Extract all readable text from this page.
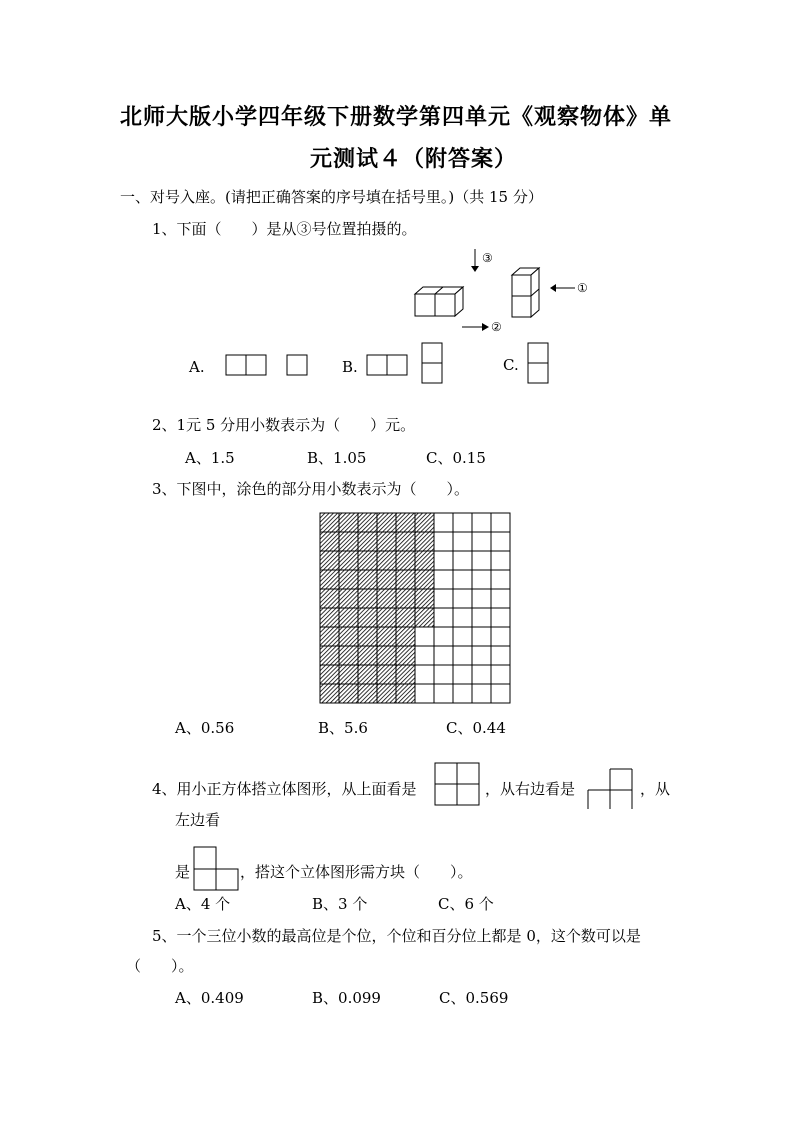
北师大版小学四年级下册数学第四单元《观察物体》单
元测试４（附答案）
一、对号入座。(请把正确答案的序号填在括号里。)（共 15 分）
1、下面（　　）是从③号位置拍摄的。
③
①
②
A.	B.	C.
2、1元 5 分用小数表示为（　　）元。
A、1.5	B、1.05	C、0.15
3、下图中，涂色的部分用小数表示为（　　）。
A、0.56	B、5.6	C、0.44
4、用小正方体搭立体图形，从上面看是	，从右边看是	，从
左边看
是	，搭这个立体图形需方块（　　）。
A、4 个	B、3 个	C、6 个
5、一个三位小数的最高位是个位，个位和百分位上都是 0，这个数可以是
（　　）。
A、0.409	B、0.099	C、0.569
